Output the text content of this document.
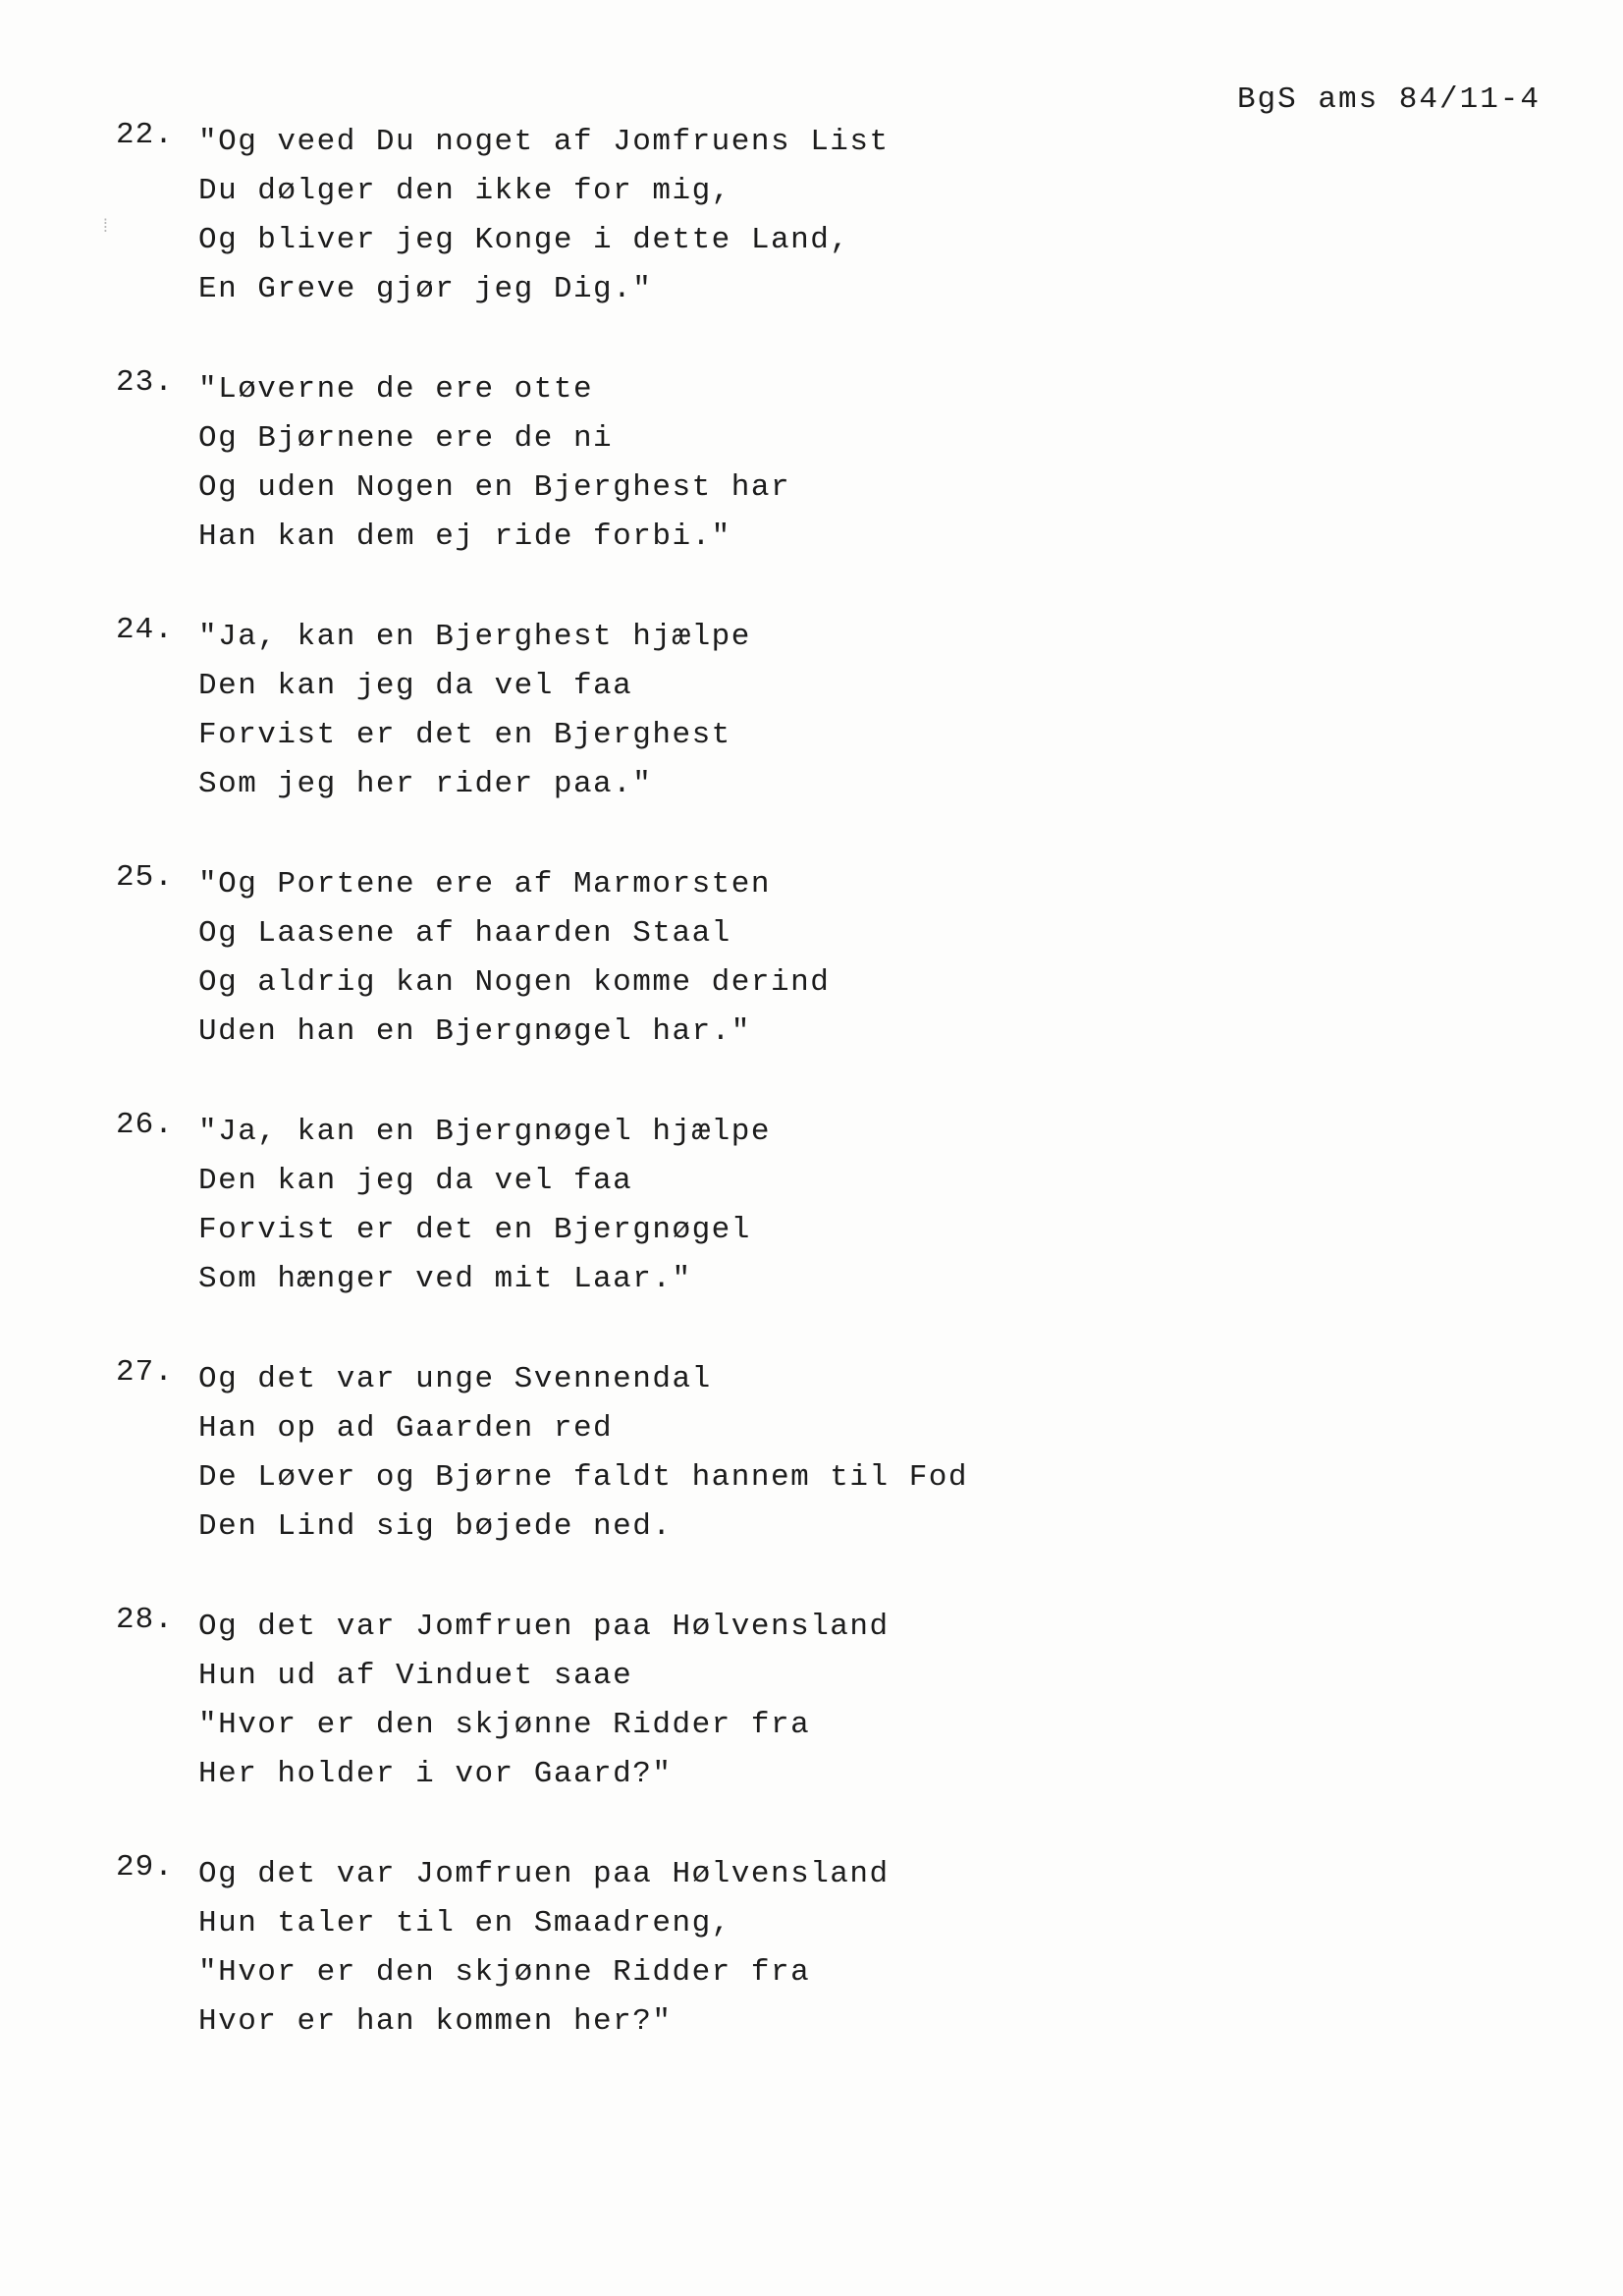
BgS ams 84/11-4
⁞
22. "Og veed Du noget af Jomfruens List
Du dølger den ikke for mig,
Og bliver jeg Konge i dette Land,
En Greve gjør jeg Dig."
23. "Løverne de ere otte
Og Bjørnene ere de ni
Og uden Nogen en Bjerghest har
Han kan dem ej ride forbi."
24. "Ja, kan en Bjerghest hjælpe
Den kan jeg da vel faa
Forvist er det en Bjerghest
Som jeg her rider paa."
25. "Og Portene ere af Marmorsten
Og Laasene af haarden Staal
Og aldrig kan Nogen komme derind
Uden han en Bjergnøgel har."
26. "Ja, kan en Bjergnøgel hjælpe
Den kan jeg da vel faa
Forvist er det en Bjergnøgel
Som hænger ved mit Laar."
27. Og det var unge Svennendal
Han op ad Gaarden red
De Løver og Bjørne faldt hannem til Fod
Den Lind sig bøjede ned.
28. Og det var Jomfruen paa Hølvensland
Hun ud af Vinduet saae
"Hvor er den skjønne Ridder fra
Her holder i vor Gaard?"
29. Og det var Jomfruen paa Hølvensland
Hun taler til en Smaadreng,
"Hvor er den skjønne Ridder fra
Hvor er han kommen her?"
